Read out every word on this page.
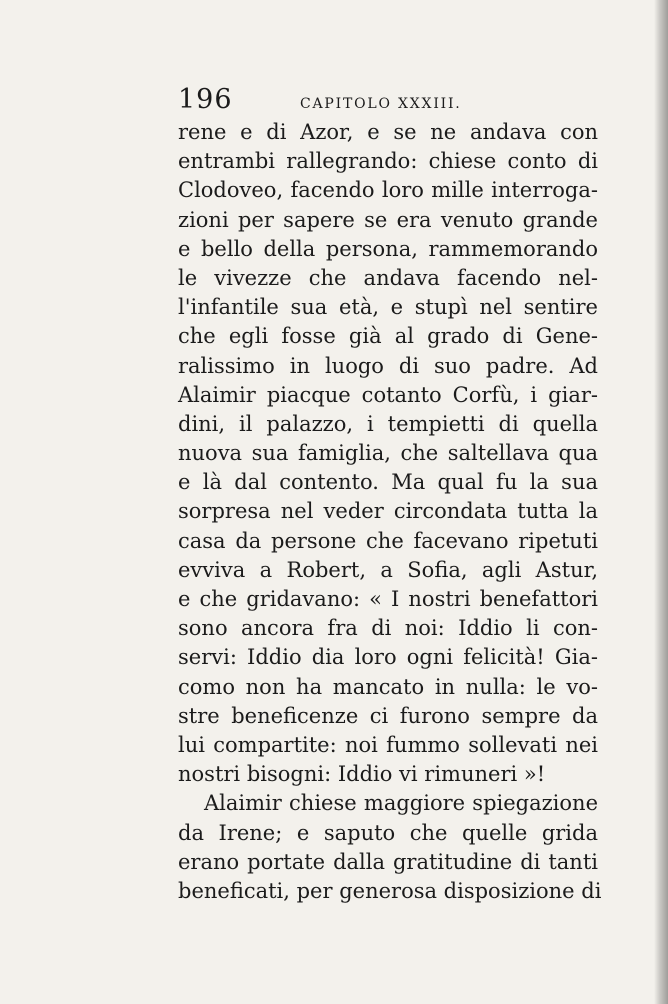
196	CAPITOLO XXXIII.
rene e di Azor, e se ne andava con
entrambi rallegrando: chiese conto di
Clodoveo, facendo loro mille interroga-
zioni per sapere se era venuto grande
e bello della persona, rammemorando
le vivezze che andava facendo nel-
l'infantile sua età, e stupì nel sentire
che egli fosse già al grado di Gene-
ralissimo in luogo di suo padre. Ad
Alaimir piacque cotanto Corfù, i giar-
dini, il palazzo, i tempietti di quella
nuova sua famiglia, che saltellava qua
e là dal contento. Ma qual fu la sua
sorpresa nel veder circondata tutta la
casa da persone che facevano ripetuti
evviva a Robert, a Sofia, agli Astur,
e che gridavano: « I nostri benefattori
sono ancora fra di noi: Iddio li con-
servi: Iddio dia loro ogni felicità! Gia-
como non ha mancato in nulla: le vo-
stre beneficenze ci furono sempre da
lui compartite: noi fummo sollevati nei
nostri bisogni: Iddio vi rimuneri »!
Alaimir chiese maggiore spiegazione
da Irene; e saputo che quelle grida
erano portate dalla gratitudine di tanti
beneficati, per generosa disposizione di
